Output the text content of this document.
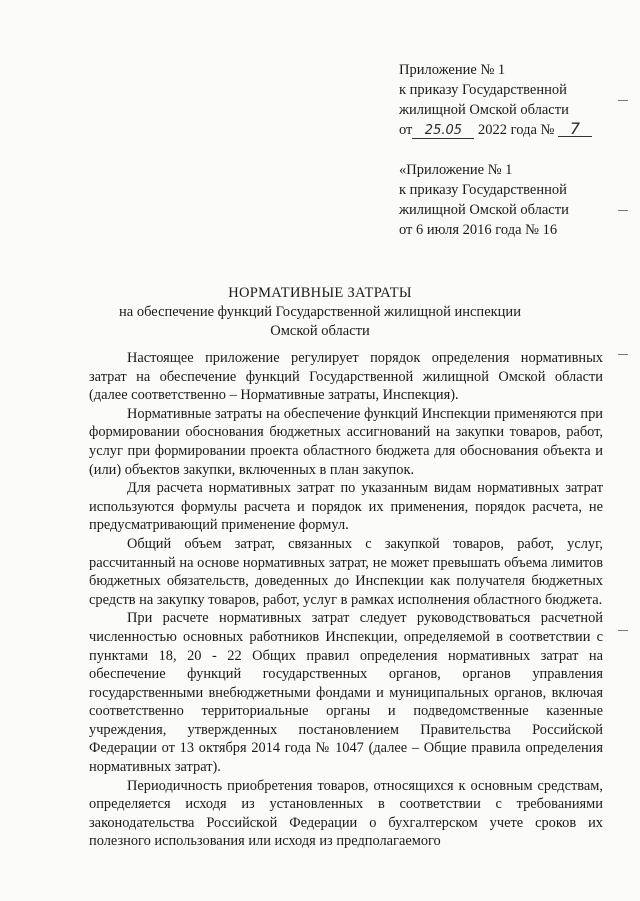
Приложение № 1
к приказу Государственной
жилищной Омской области
от 25.05 2022 года № 7
«Приложение № 1
к приказу Государственной
жилищной Омской области
от 6 июля 2016 года № 16
НОРМАТИВНЫЕ ЗАТРАТЫ
на обеспечение функций Государственной жилищной инспекции
Омской области

Настоящее приложение регулирует порядок определения нормативных затрат на обеспечение функций Государственной жилищной Омской области (далее соответственно – Нормативные затраты, Инспекция).

Нормативные затраты на обеспечение функций Инспекции применяются при формировании обоснования бюджетных ассигнований на закупки товаров, работ, услуг при формировании проекта областного бюджета для обоснования объекта и (или) объектов закупки, включенных в план закупок.

Для расчета нормативных затрат по указанным видам нормативных затрат используются формулы расчета и порядок их применения, порядок расчета, не предусматривающий применение формул.

Общий объем затрат, связанных с закупкой товаров, работ, услуг, рассчитанный на основе нормативных затрат, не может превышать объема лимитов бюджетных обязательств, доведенных до Инспекции как получателя бюджетных средств на закупку товаров, работ, услуг в рамках исполнения областного бюджета.

При расчете нормативных затрат следует руководствоваться расчетной численностью основных работников Инспекции, определяемой в соответствии с пунктами 18, 20 - 22 Общих правил определения нормативных затрат на обеспечение функций государственных органов, органов управления государственными внебюджетными фондами и муниципальных органов, включая соответственно территориальные органы и подведомственные казенные учреждения, утвержденных постановлением Правительства Российской Федерации от 13 октября 2014 года № 1047 (далее – Общие правила определения нормативных затрат).

Периодичность приобретения товаров, относящихся к основным средствам, определяется исходя из установленных в соответствии с требованиями законодательства Российской Федерации о бухгалтерском учете сроков их полезного использования или исходя из предполагаемого
